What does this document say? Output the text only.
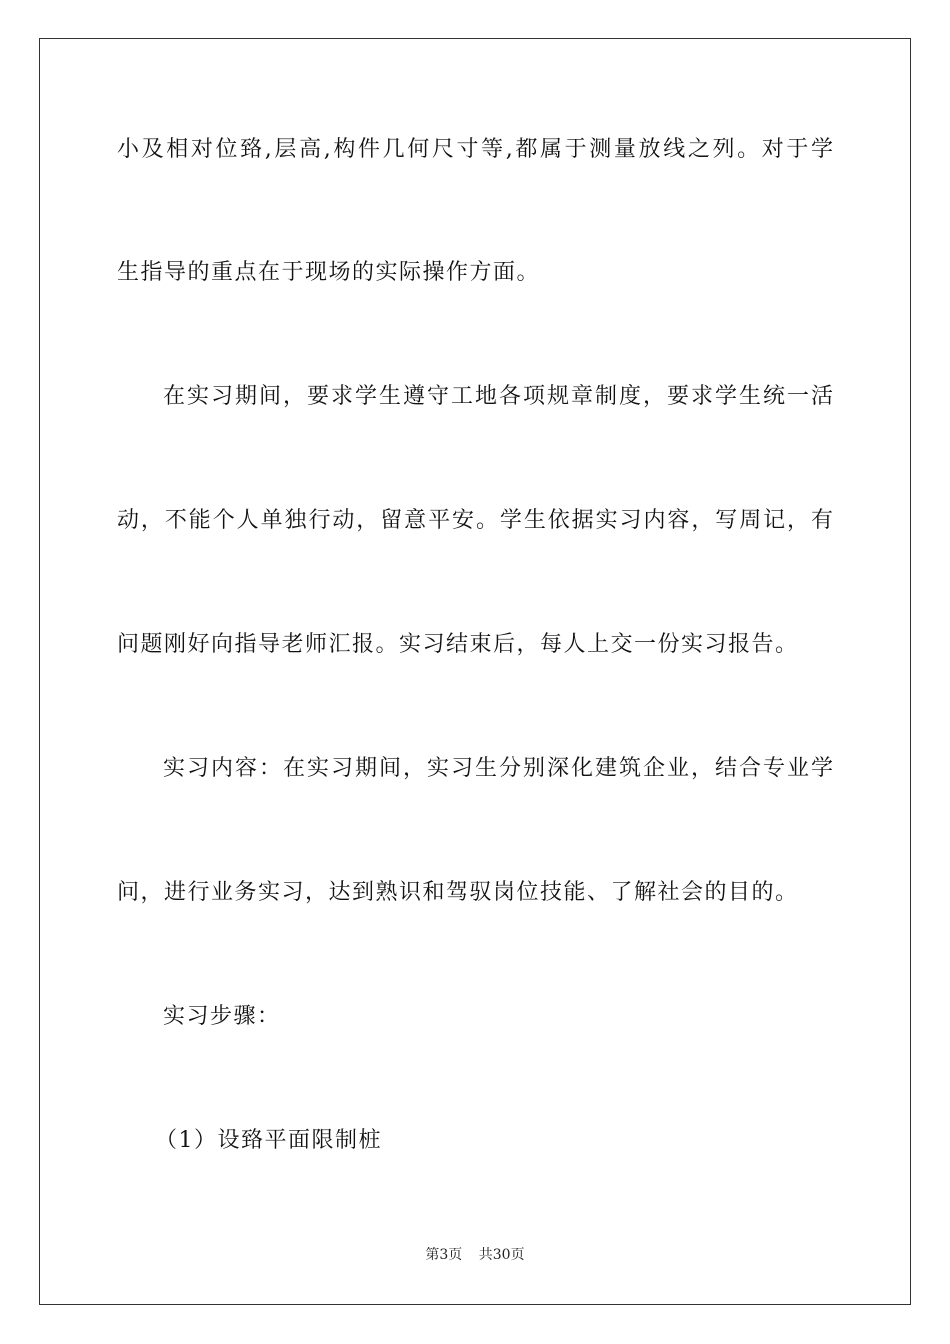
小及相对位臵,层高,构件几何尺寸等,都属于测量放线之列。对于学
生指导的重点在于现场的实际操作方面。
在实习期间，要求学生遵守工地各项规章制度，要求学生统一活
动，不能个人单独行动，留意平安。学生依据实习内容，写周记，有
问题刚好向指导老师汇报。实习结束后，每人上交一份实习报告。
实习内容：在实习期间，实习生分别深化建筑企业，结合专业学
问，进行业务实习，达到熟识和驾驭岗位技能、了解社会的目的。
实习步骤：
（1）设臵平面限制桩
第3页 共30页
